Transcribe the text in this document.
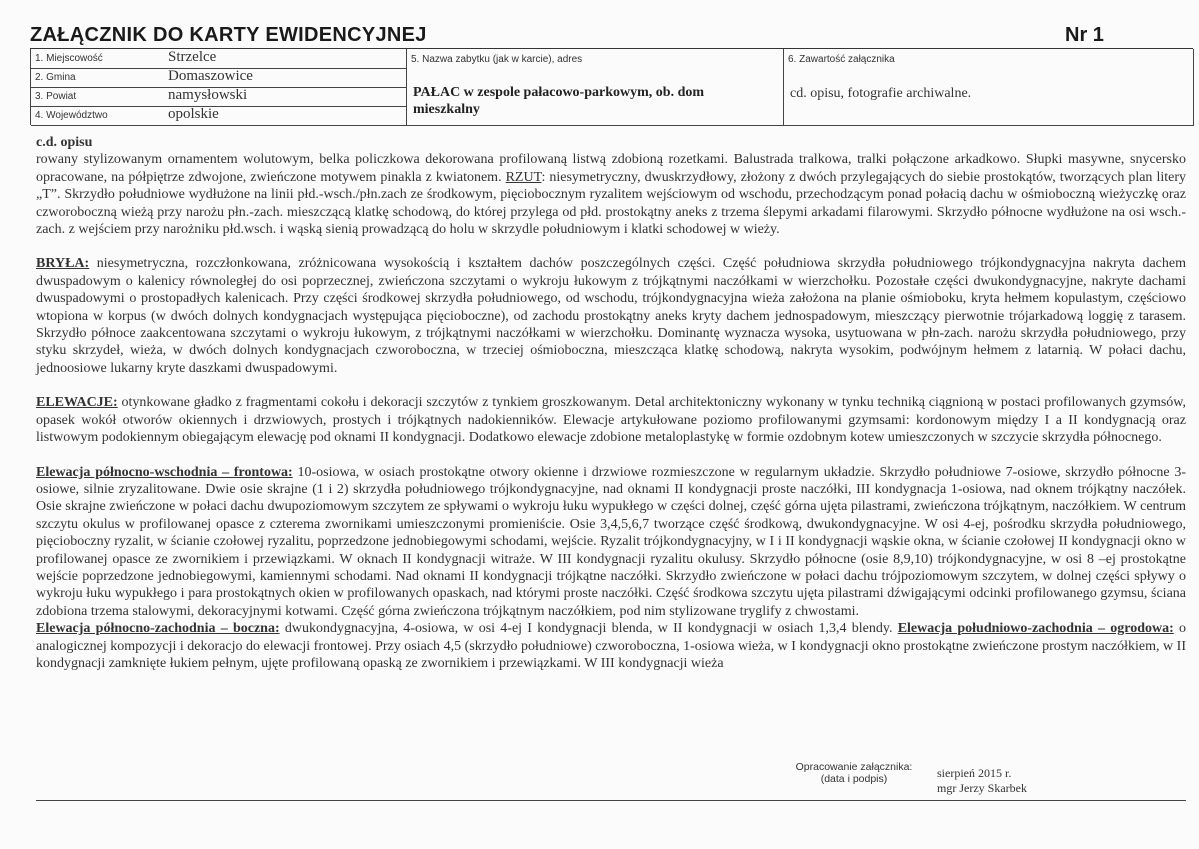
ZAŁĄCZNIK DO KARTY EWIDENCYJNEJ	Nr 1
1. Miejscowość	Strzelce
2. Gmina	Domaszowice
3. Powiat	namysłowski
4. Województwo	opolskie
5. Nazwa zabytku (jak w karcie), adres
PAŁAC w zespole pałacowo-parkowym, ob. dom mieszkalny
6. Zawartość załącznika
cd. opisu, fotografie archiwalne.

c.d. opisu

rowany stylizowanym ornamentem wolutowym, belka policzkowa dekorowana profilowaną listwą zdobioną rozetkami. Balustrada tralkowa, tralki połączone arkadkowo. Słupki masywne, snycersko opracowane, na półpiętrze zdwojone, zwieńczone motywem pinakla z kwiatonem. RZUT: niesymetryczny, dwuskrzydłowy, złożony z dwóch przylegających do siebie prostokątów, tworzących plan litery „T”. Skrzydło południowe wydłużone na linii płd.-wsch./płn.zach ze środkowym, pięciobocznym ryzalitem wejściowym od wschodu, przechodzącym ponad połacią dachu w ośmioboczną wieżyczkę oraz czworoboczną wieżą przy narożu płn.-zach. mieszczącą klatkę schodową, do której przylega od płd. prostokątny aneks z trzema ślepymi arkadami filarowymi. Skrzydło północne wydłużone na osi wsch.-zach. z wejściem przy narożniku płd.wsch. i wąską sienią prowadzącą do holu w skrzydle południowym i klatki schodowej w wieży.

BRYŁA: niesymetryczna, rozczłonkowana, zróżnicowana wysokością i kształtem dachów poszczególnych części. Część południowa skrzydła południowego trójkondygnacyjna nakryta dachem dwuspadowym o kalenicy równoległej do osi poprzecznej, zwieńczona szczytami o wykroju łukowym z trójkątnymi naczółkami w wierzchołku. Pozostałe części dwukondygnacyjne, nakryte dachami dwuspadowymi o prostopadłych kalenicach. Przy części środkowej skrzydła południowego, od wschodu, trójkondygnacyjna wieża założona na planie ośmioboku, kryta hełmem kopulastym, częściowo wtopiona w korpus (w dwóch dolnych kondygnacjach występująca pięcioboczne), od zachodu prostokątny aneks kryty dachem jednospadowym, mieszczący pierwotnie trójarkadową loggię z tarasem. Skrzydło północe zaakcentowana szczytami o wykroju łukowym, z trójkątnymi naczółkami w wierzchołku. Dominantę wyznacza wysoka, usytuowana w płn-zach. narożu skrzydła południowego, przy styku skrzydeł, wieża, w dwóch dolnych kondygnacjach czworoboczna, w trzeciej ośmioboczna, mieszcząca klatkę schodową, nakryta wysokim, podwójnym hełmem z latarnią. W połaci dachu, jednoosiowe lukarny kryte daszkami dwuspadowymi.

ELEWACJE: otynkowane gładko z fragmentami cokołu i dekoracji szczytów z tynkiem groszkowanym. Detal architektoniczny wykonany w tynku techniką ciągnioną w postaci profilowanych gzymsów, opasek wokół otworów okiennych i drzwiowych, prostych i trójkątnych nadokienników. Elewacje artykułowane poziomo profilowanymi gzymsami: kordonowym między I a II kondygnacją oraz listwowym podokiennym obiegającym elewację pod oknami II kondygnacji. Dodatkowo elewacje zdobione metaloplastykę w formie ozdobnym kotew umieszczonych w szczycie skrzydła północnego.

Elewacja północno-wschodnia – frontowa: 10-osiowa, w osiach prostokątne otwory okienne i drzwiowe rozmieszczone w regularnym układzie. Skrzydło południowe 7-osiowe, skrzydło północne 3-osiowe, silnie zryzalitowane. Dwie osie skrajne (1 i 2) skrzydła południowego trójkondygnacyjne, nad oknami II kondygnacji proste naczółki, III kondygnacja 1-osiowa, nad oknem trójkątny naczółek. Osie skrajne zwieńczone w połaci dachu dwupoziomowym szczytem ze spływami o wykroju łuku wypukłego w części dolnej, część górna ujęta pilastrami, zwieńczona trójkątnym, naczółkiem. W centrum szczytu okulus w profilowanej opasce z czterema zwornikami umieszczonymi promieniście. Osie 3,4,5,6,7 tworzące część środkową, dwukondygnacyjne. W osi 4-ej, pośrodku skrzydła południowego, pięcioboczny ryzalit, w ścianie czołowej ryzalitu, poprzedzone jednobiegowymi schodami, wejście. Ryzalit trójkondygnacyjny, w I i II kondygnacji wąskie okna, w ścianie czołowej II kondygnacji okno w profilowanej opasce ze zwornikiem i przewiązkami. W oknach II kondygnacji witraże. W III kondygnacji ryzalitu okulusy. Skrzydło północne (osie 8,9,10) trójkondygnacyjne, w osi 8 –ej prostokątne wejście poprzedzone jednobiegowymi, kamiennymi schodami. Nad oknami II kondygnacji trójkątne naczółki. Skrzydło zwieńczone w połaci dachu trójpoziomowym szczytem, w dolnej części spływy o wykroju łuku wypukłego i para prostokątnych okien w profilowanych opaskach, nad którymi proste naczółki. Część środkowa szczytu ujęta pilastrami dźwigającymi odcinki profilowanego gzymsu, ściana zdobiona trzema stalowymi, dekoracyjnymi kotwami. Część górna zwieńczona trójkątnym naczółkiem, pod nim stylizowane tryglify z chwostami.
Elewacja północno-zachodnia – boczna: dwukondygnacyjna, 4-osiowa, w osi 4-ej I kondygnacji blenda, w II kondygnacji w osiach 1,3,4 blendy. Elewacja południowo-zachodnia – ogrodowa: o analogicznej kompozycji i dekoracjo do elewacji frontowej. Przy osiach 4,5 (skrzydło południowe) czworoboczna, 1-osiowa wieża, w I kondygnacji okno prostokątne zwieńczone prostym naczółkiem, w II kondygnacji zamknięte łukiem pełnym, ujęte profilowaną opaską ze zwornikiem i przewiązkami. W III kondygnacji wieża

Opracowanie załącznika:
(data i podpis)	sierpień 2015 r.
mgr Jerzy Skarbek
